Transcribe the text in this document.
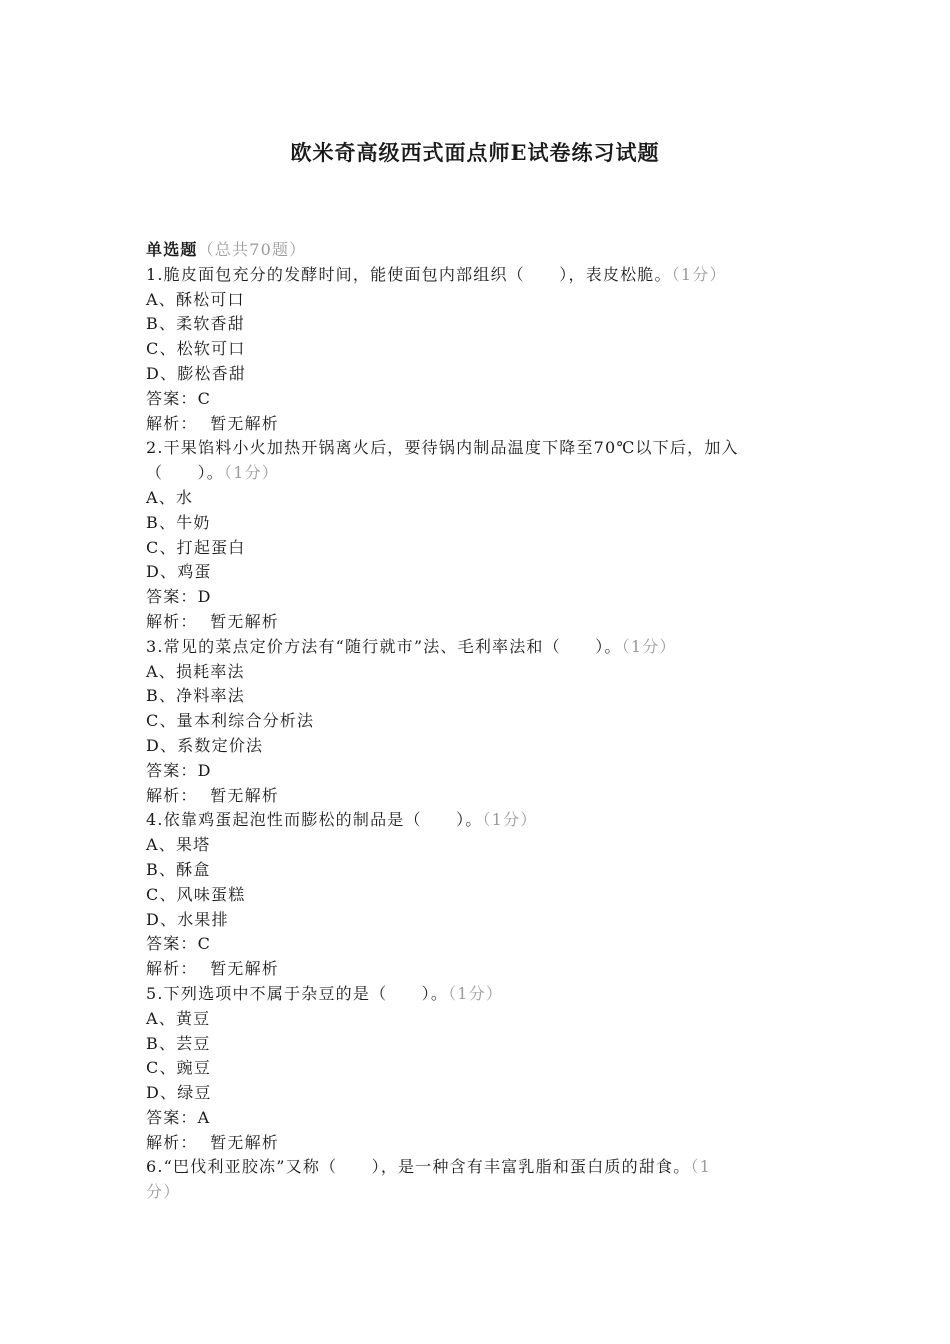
欧米奇高级西式面点师E试卷练习试题
单选题（总共70题）
1.脆皮面包充分的发酵时间，能使面包内部组织（　　），表皮松脆。（1分）
A、酥松可口
B、柔软香甜
C、松软可口
D、膨松香甜
答案：C
解析： 暂无解析
2.干果馅料小火加热开锅离火后，要待锅内制品温度下降至70℃以下后，加入
（　　）。（1分）
A、水
B、牛奶
C、打起蛋白
D、鸡蛋
答案：D
解析： 暂无解析
3.常见的菜点定价方法有“随行就市”法、毛利率法和（　　）。（1分）
A、损耗率法
B、净料率法
C、量本利综合分析法
D、系数定价法
答案：D
解析： 暂无解析
4.依靠鸡蛋起泡性而膨松的制品是（　　）。（1分）
A、果塔
B、酥盒
C、风味蛋糕
D、水果排
答案：C
解析： 暂无解析
5.下列选项中不属于杂豆的是（　　）。（1分）
A、黄豆
B、芸豆
C、豌豆
D、绿豆
答案：A
解析： 暂无解析
6.“巴伐利亚胶冻”又称（　　），是一种含有丰富乳脂和蛋白质的甜食。（1
分）
